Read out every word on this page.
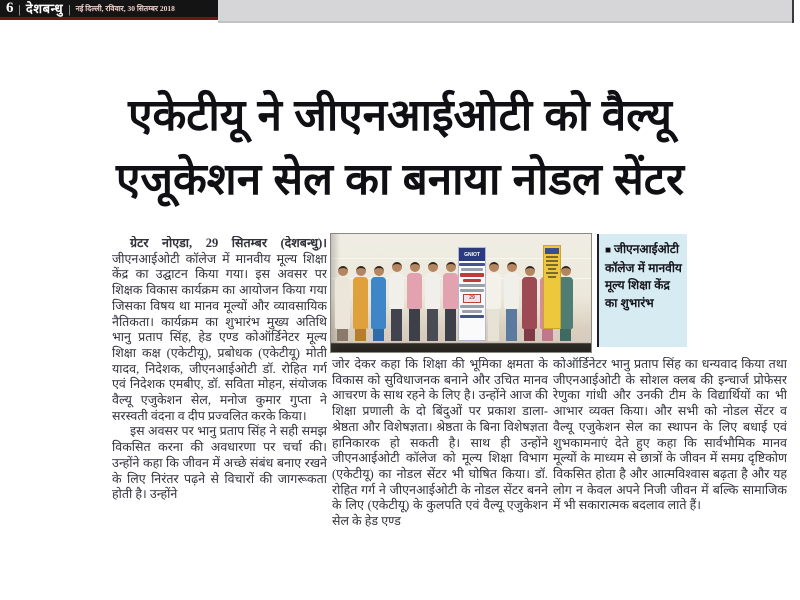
6 | देशबन्धु | नई दिल्ली, रविवार, 30 सितम्बर 2018
एकेटीयू ने जीएनआईओटी को वैल्यू
एजूकेशन सेल का बनाया नोडल सेंटर

ग्रेटर नोएडा, 29 सितम्बर (देशबन्धु)। जीएनआईओटी कॉलेज में मानवीय मूल्य शिक्षा केंद्र का उद्घाटन किया गया। इस अवसर पर शिक्षक विकास कार्यक्रम का आयोजन किया गया जिसका विषय था मानव मूल्यों और व्यावसायिक नैतिकता। कार्यक्रम का शुभारंभ मुख्य अतिथि भानु प्रताप सिंह, हेड एण्ड कोऑर्डिनेटर मूल्य शिक्षा कक्ष (एकेटीयू), प्रबोधक (एकेटीयू) मोती यादव, निदेशक, जीएनआईओटी डॉ. रोहित गर्ग एवं निदेशक एमबीए, डॉ. सविता मोहन, संयोजक वैल्यू एजुकेशन सेल, मनोज कुमार गुप्ता ने सरस्वती वंदना व दीप प्रज्वलित करके किया।

इस अवसर पर भानु प्रताप सिंह ने सही समझ विकसित करना की अवधारणा पर चर्चा की। उन्होंने कहा कि जीवन में अच्छे संबंध बनाए रखने के लिए निरंतर पढ़ने से विचारों की जागरूकता होती है। उन्होंने

GNIOT
29
■ जीएनआईओटी कॉलेज में मानवीय मूल्य शिक्षा केंद्र का शुभारंभ

जोर देकर कहा कि शिक्षा की भूमिका क्षमता के विकास को सुविधाजनक बनाने और उचित मानव आचरण के साथ रहने के लिए है। उन्होंने आज की शिक्षा प्रणाली के दो बिंदुओं पर प्रकाश डाला- श्रेष्ठता और विशेषज्ञता। श्रेष्ठता के बिना विशेषज्ञता हानिकारक हो सकती है। साथ ही उन्होंने जीएनआईओटी कॉलेज को मूल्य शिक्षा विभाग (एकेटीयू) का नोडल सेंटर भी घोषित किया। डॉ. रोहित गर्ग ने जीएनआईओटी के नोडल सेंटर बनने के लिए (एकेटीयू) के कुलपति एवं वैल्यू एजुकेशन सेल के हेड एण्ड

कोऑर्डिनेटर भानु प्रताप सिंह का धन्यवाद किया तथा जीएनआईओटी के सोशल क्लब की इन्चार्ज प्रोफेसर रेणुका गांधी और उनकी टीम के विद्यार्थियों का भी आभार व्यक्त किया। और सभी को नोडल सेंटर व वैल्यू एजुकेशन सेल का स्थापन के लिए बधाई एवं शुभकामनाएं देते हुए कहा कि सार्वभौमिक मानव मूल्यों के माध्यम से छात्रों के जीवन में समग्र दृष्टिकोण विकसित होता है और आत्मविश्वास बढ़ता है और यह लोग न केवल अपने निजी जीवन में बल्कि सामाजिक में भी सकारात्मक बदलाव लाते हैं।
